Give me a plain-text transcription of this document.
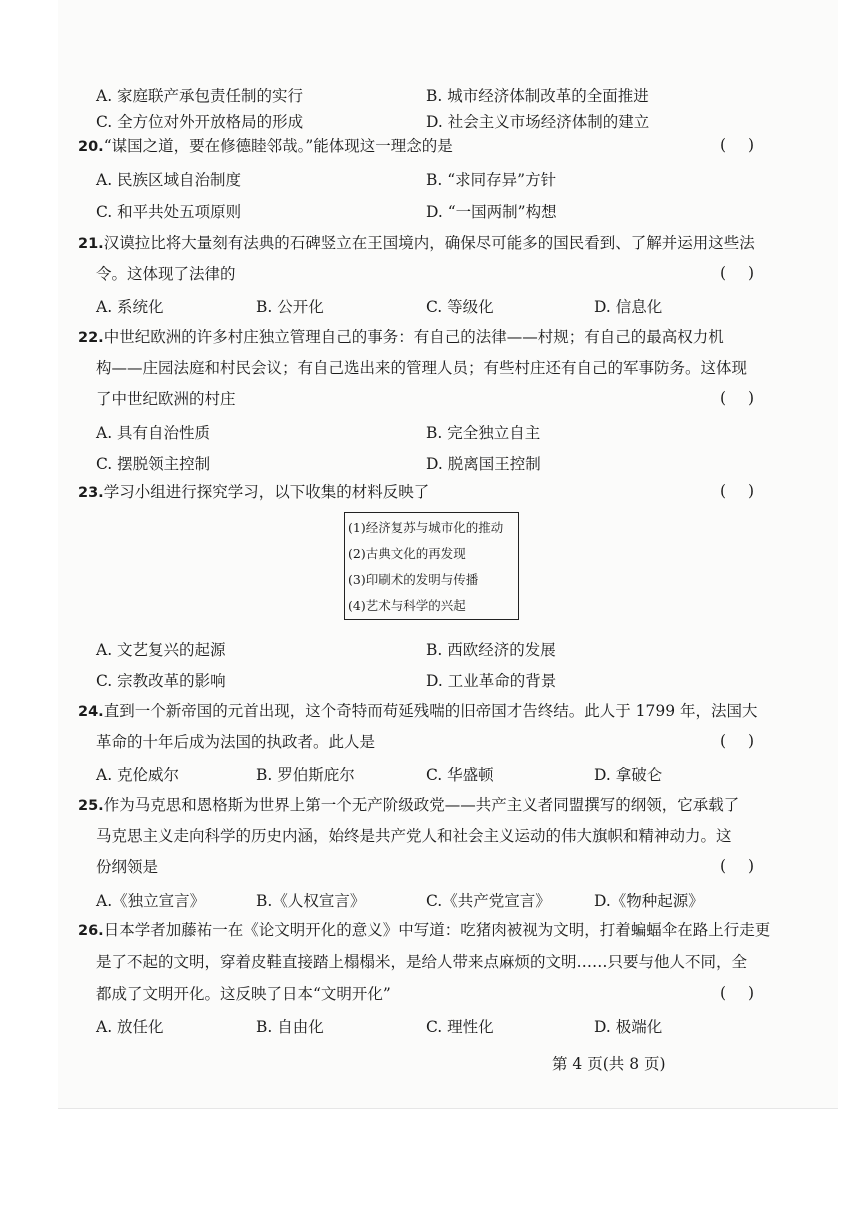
A. 家庭联产承包责任制的实行	B. 城市经济体制改革的全面推进
C. 全方位对外开放格局的形成	D. 社会主义市场经济体制的建立
20.“谋国之道，要在修德睦邻哉。”能体现这一理念的是	()
A. 民族区域自治制度	B. “求同存异”方针
C. 和平共处五项原则	D. “一国两制”构想
21.汉谟拉比将大量刻有法典的石碑竖立在王国境内，确保尽可能多的国民看到、了解并运用这些法
令。这体现了法律的	()
A. 系统化	B. 公开化	C. 等级化	D. 信息化
22.中世纪欧洲的许多村庄独立管理自己的事务：有自己的法律——村规；有自己的最高权力机
构——庄园法庭和村民会议；有自己选出来的管理人员；有些村庄还有自己的军事防务。这体现
了中世纪欧洲的村庄	()
A. 具有自治性质	B. 完全独立自主
C. 摆脱领主控制	D. 脱离国王控制
23.学习小组进行探究学习，以下收集的材料反映了	()
(1)经济复苏与城市化的推动
(2)古典文化的再发现
(3)印刷术的发明与传播
(4)艺术与科学的兴起
A. 文艺复兴的起源	B. 西欧经济的发展
C. 宗教改革的影响	D. 工业革命的背景
24.直到一个新帝国的元首出现，这个奇特而苟延残喘的旧帝国才告终结。此人于 1799 年，法国大
革命的十年后成为法国的执政者。此人是	()
A. 克伦威尔	B. 罗伯斯庇尔	C. 华盛顿	D. 拿破仑
25.作为马克思和恩格斯为世界上第一个无产阶级政党——共产主义者同盟撰写的纲领，它承载了
马克思主义走向科学的历史内涵，始终是共产党人和社会主义运动的伟大旗帜和精神动力。这
份纲领是	()
A.《独立宣言》	B.《人权宣言》	C.《共产党宣言》	D.《物种起源》
26.日本学者加藤祐一在《论文明开化的意义》中写道：吃猪肉被视为文明，打着蝙蝠伞在路上行走更
是了不起的文明，穿着皮鞋直接踏上榻榻米，是给人带来点麻烦的文明……只要与他人不同，全
都成了文明开化。这反映了日本“文明开化”	()
A. 放任化	B. 自由化	C. 理性化	D. 极端化
第 4 页(共 8 页)
